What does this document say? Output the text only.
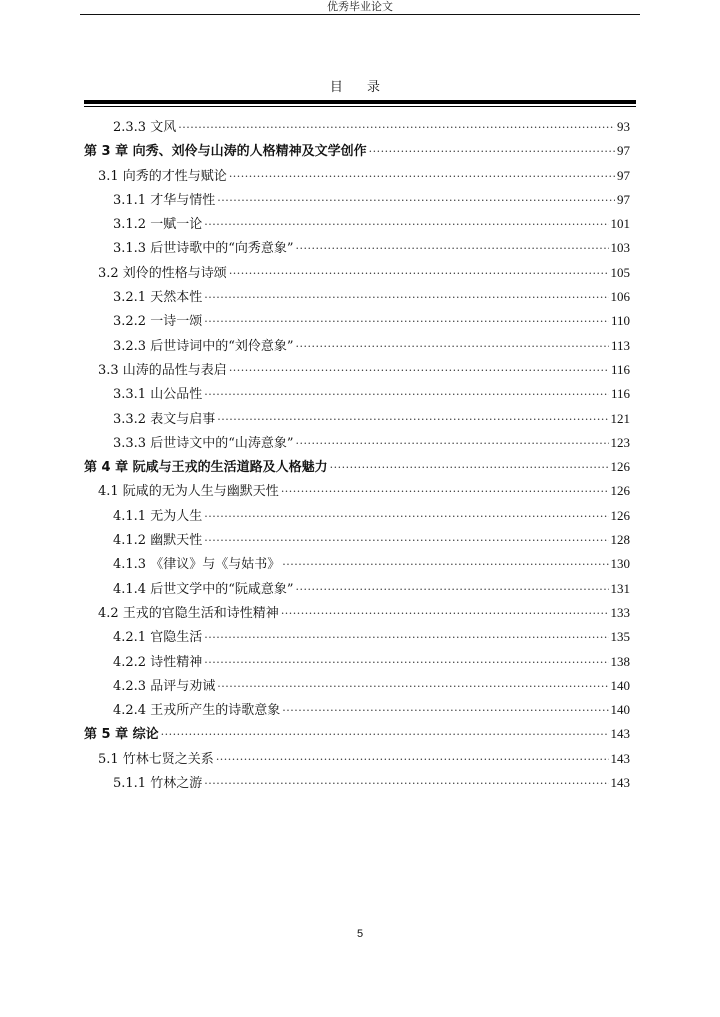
优秀毕业论文
目 录
2.3.3 文风 ·····	93
第 3 章 向秀、刘伶与山涛的人格精神及文学创作 ·····	97
3.1 向秀的才性与赋论 ·····	97
3.1.1 才华与情性 ·····	97
3.1.2 一赋一论 ·····	101
3.1.3 后世诗歌中的“向秀意象” ·····	103
3.2 刘伶的性格与诗颂 ·····	105
3.2.1 天然本性 ·····	106
3.2.2 一诗一颂 ·····	110
3.2.3 后世诗词中的“刘伶意象” ·····	113
3.3 山涛的品性与表启 ·····	116
3.3.1 山公品性 ·····	116
3.3.2 表文与启事 ·····	121
3.3.3 后世诗文中的“山涛意象” ·····	123
第 4 章 阮咸与王戎的生活道路及人格魅力 ·····	126
4.1 阮咸的无为人生与幽默天性 ·····	126
4.1.1 无为人生 ·····	126
4.1.2 幽默天性 ·····	128
4.1.3 《律议》与《与姑书》 ·····	130
4.1.4 后世文学中的“阮咸意象” ·····	131
4.2 王戎的官隐生活和诗性精神 ·····	133
4.2.1 官隐生活 ·····	135
4.2.2 诗性精神 ·····	138
4.2.3 品评与劝诫 ·····	140
4.2.4 王戎所产生的诗歌意象 ·····	140
第 5 章 综论 ·····	143
5.1 竹林七贤之关系 ·····	143
5.1.1 竹林之游 ·····	143
5
